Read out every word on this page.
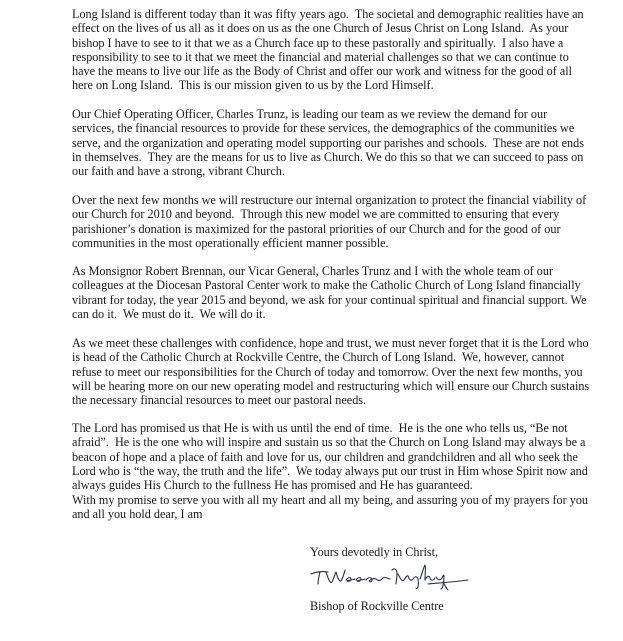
Long Island is different today than it was fifty years ago.  The societal and demographic realities have an
effect on the lives of us all as it does on us as the one Church of Jesus Christ on Long Island.  As your
bishop I have to see to it that we as a Church face up to these pastorally and spiritually.  I also have a
responsibility to see to it that we meet the financial and material challenges so that we can continue to
have the means to live our life as the Body of Christ and offer our work and witness for the good of all
here on Long Island.  This is our mission given to us by the Lord Himself.
Our Chief Operating Officer, Charles Trunz, is leading our team as we review the demand for our
services, the financial resources to provide for these services, the demographics of the communities we
serve, and the organization and operating model supporting our parishes and schools.  These are not ends
in themselves.  They are the means for us to live as Church. We do this so that we can succeed to pass on
our faith and have a strong, vibrant Church.
Over the next few months we will restructure our internal organization to protect the financial viability of
our Church for 2010 and beyond.  Through this new model we are committed to ensuring that every
parishioner’s donation is maximized for the pastoral priorities of our Church and for the good of our
communities in the most operationally efficient manner possible.
As Monsignor Robert Brennan, our Vicar General, Charles Trunz and I with the whole team of our
colleagues at the Diocesan Pastoral Center work to make the Catholic Church of Long Island financially
vibrant for today, the year 2015 and beyond, we ask for your continual spiritual and financial support. We
can do it.  We must do it.  We will do it.
As we meet these challenges with confidence, hope and trust, we must never forget that it is the Lord who
is head of the Catholic Church at Rockville Centre, the Church of Long Island.  We, however, cannot
refuse to meet our responsibilities for the Church of today and tomorrow. Over the next few months, you
will be hearing more on our new operating model and restructuring which will ensure our Church sustains
the necessary financial resources to meet our pastoral needs.
The Lord has promised us that He is with us until the end of time.  He is the one who tells us, “Be not
afraid”.  He is the one who will inspire and sustain us so that the Church on Long Island may always be a
beacon of hope and a place of faith and love for us, our children and grandchildren and all who seek the
Lord who is “the way, the truth and the life”.  We today always put our trust in Him whose Spirit now and
always guides His Church to the fullness He has promised and He has guaranteed.
With my promise to serve you with all my heart and all my being, and assuring you of my prayers for you
and all you hold dear, I am
Yours devotedly in Christ,
Bishop of Rockville Centre
